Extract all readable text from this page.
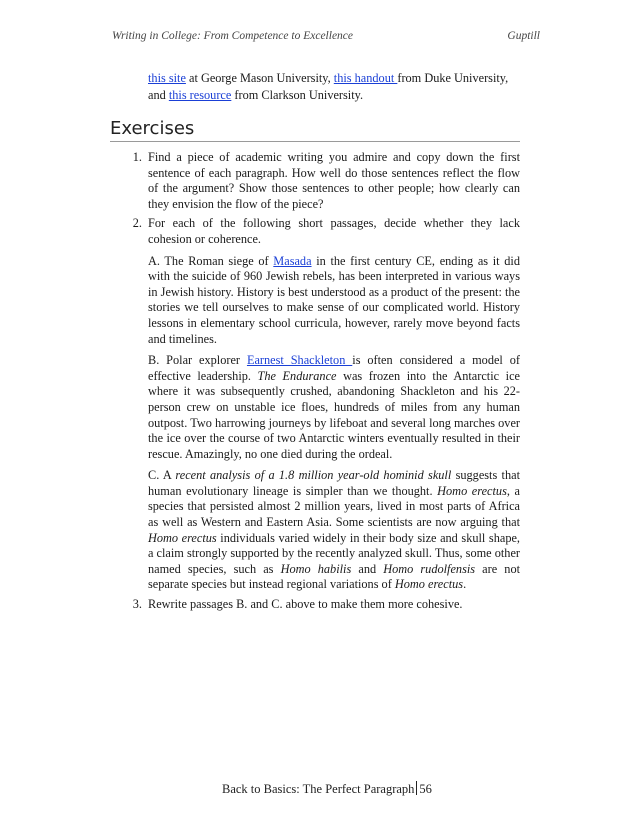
Writing in College: From Competence to Excellence	Guptill

this site at George Mason University, this handout from Duke University, and this resource from Clarkson University.

Exercises
1. Find a piece of academic writing you admire and copy down the first sentence of each paragraph. How well do those sentences reflect the flow of the argument? Show those sentences to other people; how clearly can they envision the flow of the piece?

2. For each of the following short passages, decide whether they lack cohesion or coherence.

A. The Roman siege of Masada in the first century CE, ending as it did with the suicide of 960 Jewish rebels, has been interpreted in various ways in Jewish history. History is best understood as a product of the present: the stories we tell ourselves to make sense of our complicated world. History lessons in elementary school curricula, however, rarely move beyond facts and timelines.

B. Polar explorer Earnest Shackleton is often considered a model of effective leadership. The Endurance was frozen into the Antarctic ice where it was subsequently crushed, abandoning Shackleton and his 22-person crew on unstable ice floes, hundreds of miles from any human outpost. Two harrowing journeys by lifeboat and several long marches over the ice over the course of two Antarctic winters eventually resulted in their rescue. Amazingly, no one died during the ordeal.

C. A recent analysis of a 1.8 million year-old hominid skull suggests that human evolutionary lineage is simpler than we thought. Homo erectus, a species that persisted almost 2 million years, lived in most parts of Africa as well as Western and Eastern Asia. Some scientists are now arguing that Homo erectus individuals varied widely in their body size and skull shape, a claim strongly supported by the recently analyzed skull. Thus, some other named species, such as Homo habilis and Homo rudolfensis are not separate species but instead regional variations of Homo erectus.

3. Rewrite passages B. and C. above to make them more cohesive.

Back to Basics: The Perfect Paragraph 56
